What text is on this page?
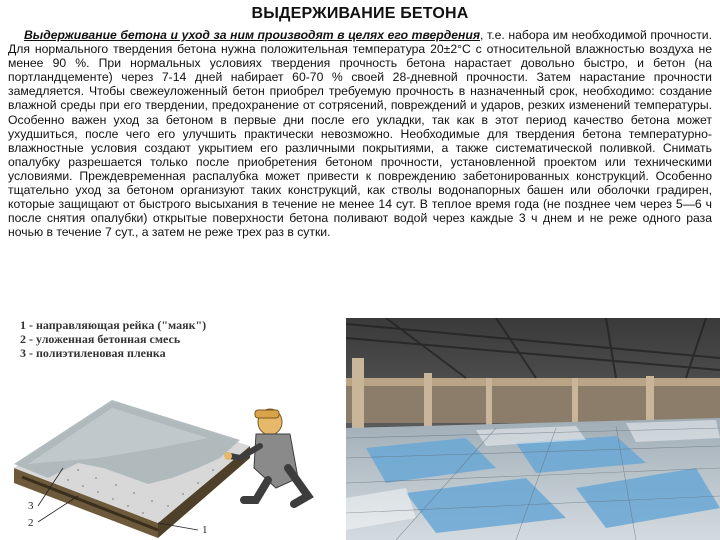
ВЫДЕРЖИВАНИЕ БЕТОНА
Выдерживание бетона и уход за ним производят в целях его твердения, т.е. набора им необходимой прочности. Для нормального твердения бетона нужна положительная температура 20±2°С с относительной влажностью воздуха не менее 90 %. При нормальных условиях твердения прочность бетона нарастает довольно быстро, и бетон (на портландцементе) через 7-14 дней набирает 60-70 % своей 28-дневной прочности. Затем нарастание прочности замедляется. Чтобы свежеуложенный бетон приобрел требуемую прочность в назначенный срок, необходимо: создание влажной среды при его твердении, предохранение от сотрясений, повреждений и ударов, резких изменений температуры. Особенно важен уход за бетоном в первые дни после его укладки, так как в этот период качество бетона может ухудшиться, после чего его улучшить практически невозможно. Необходимые для твердения бетона температурно-влажностные условия создают укрытием его различными покрытиями, а также систематической поливкой. Снимать опалубку разрешается только после приобретения бетоном прочности, установленной проектом или техническими условиями. Преждевременная распалубка может привести к повреждению забетонированных конструкций. Особенно тщательно уход за бетоном организуют таких конструкций, как стволы водонапорных башен или оболочки градирен, которые защищают от быстрого высыхания в течение не менее 14 сут. В теплое время года (не позднее чем через 5—6 ч после снятия опалубки) открытые поверхности бетона поливают водой через каждые 3 ч днем и не реже одного раза ночью в течение 7 сут., а затем не реже трех раз в сутки.
1 - направляющая рейка ("маяк")
2 - уложенная бетонная смесь
3 - полиэтиленовая пленка
3
2
1
